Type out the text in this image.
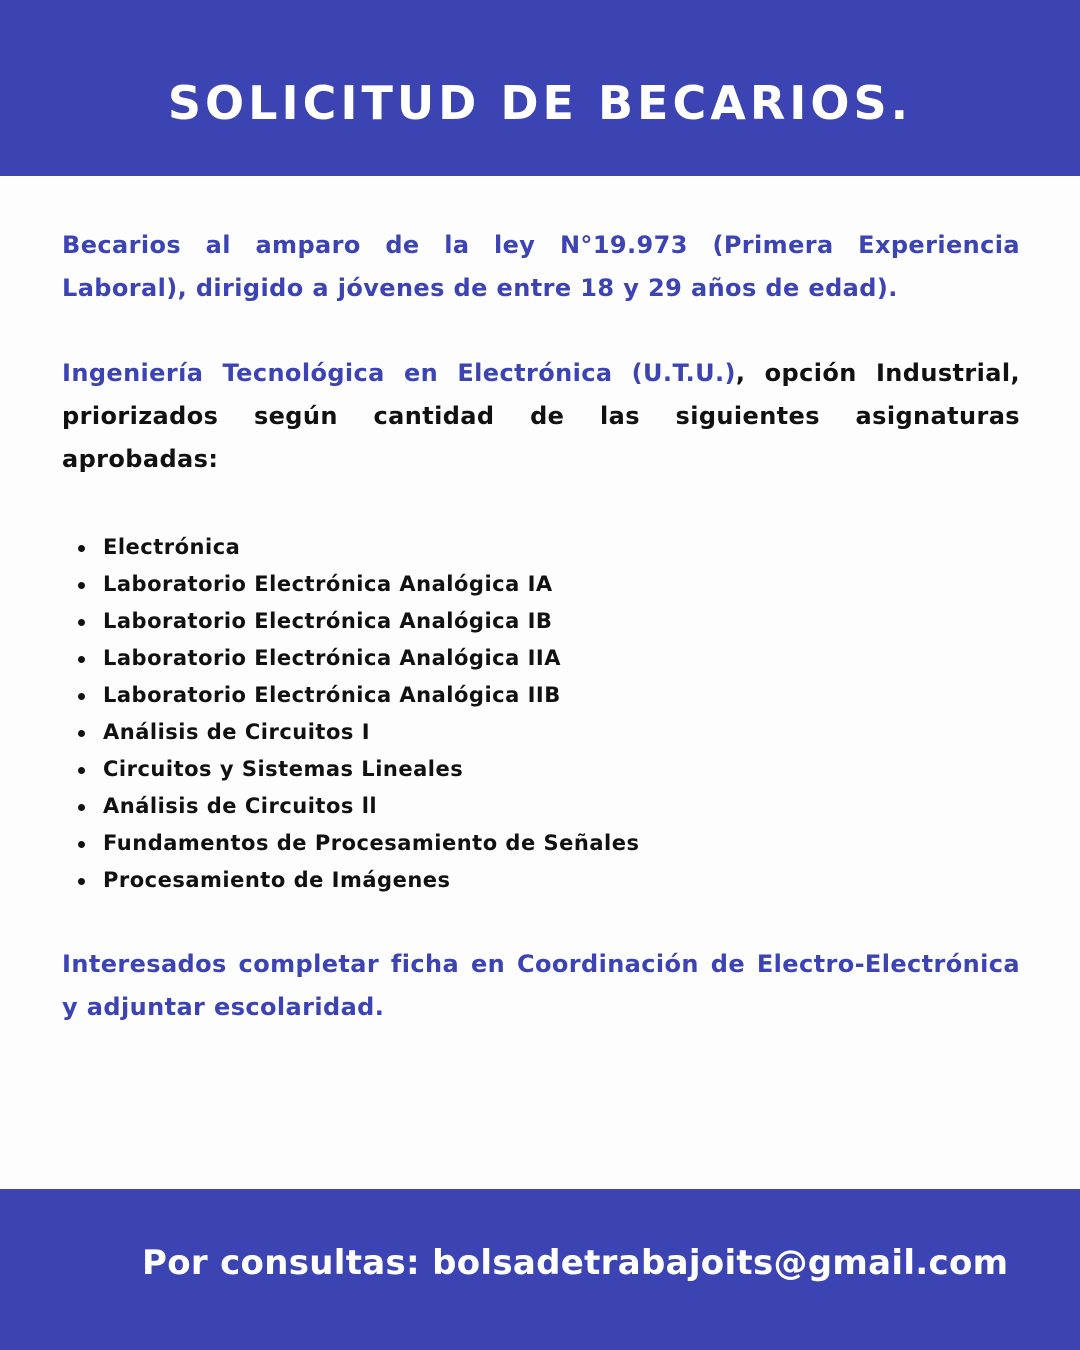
SOLICITUD DE BECARIOS.

Becarios al amparo de la ley N°19.973 (Primera Experiencia Laboral), dirigido a jóvenes de entre 18 y 29 años de edad).

Ingeniería Tecnológica en Electrónica (U.T.U.), opción Industrial, priorizados según cantidad de las siguientes asignaturas aprobadas:

Electrónica
Laboratorio Electrónica Analógica IA
Laboratorio Electrónica Analógica IB
Laboratorio Electrónica Analógica IIA
Laboratorio Electrónica Analógica IIB
Análisis de Circuitos I
Circuitos y Sistemas Lineales
Análisis de Circuitos ll
Fundamentos de Procesamiento de Señales
Procesamiento de Imágenes

Interesados completar ficha en Coordinación de Electro-Electrónica y adjuntar escolaridad.

Por consultas: bolsadetrabajoits@gmail.com
